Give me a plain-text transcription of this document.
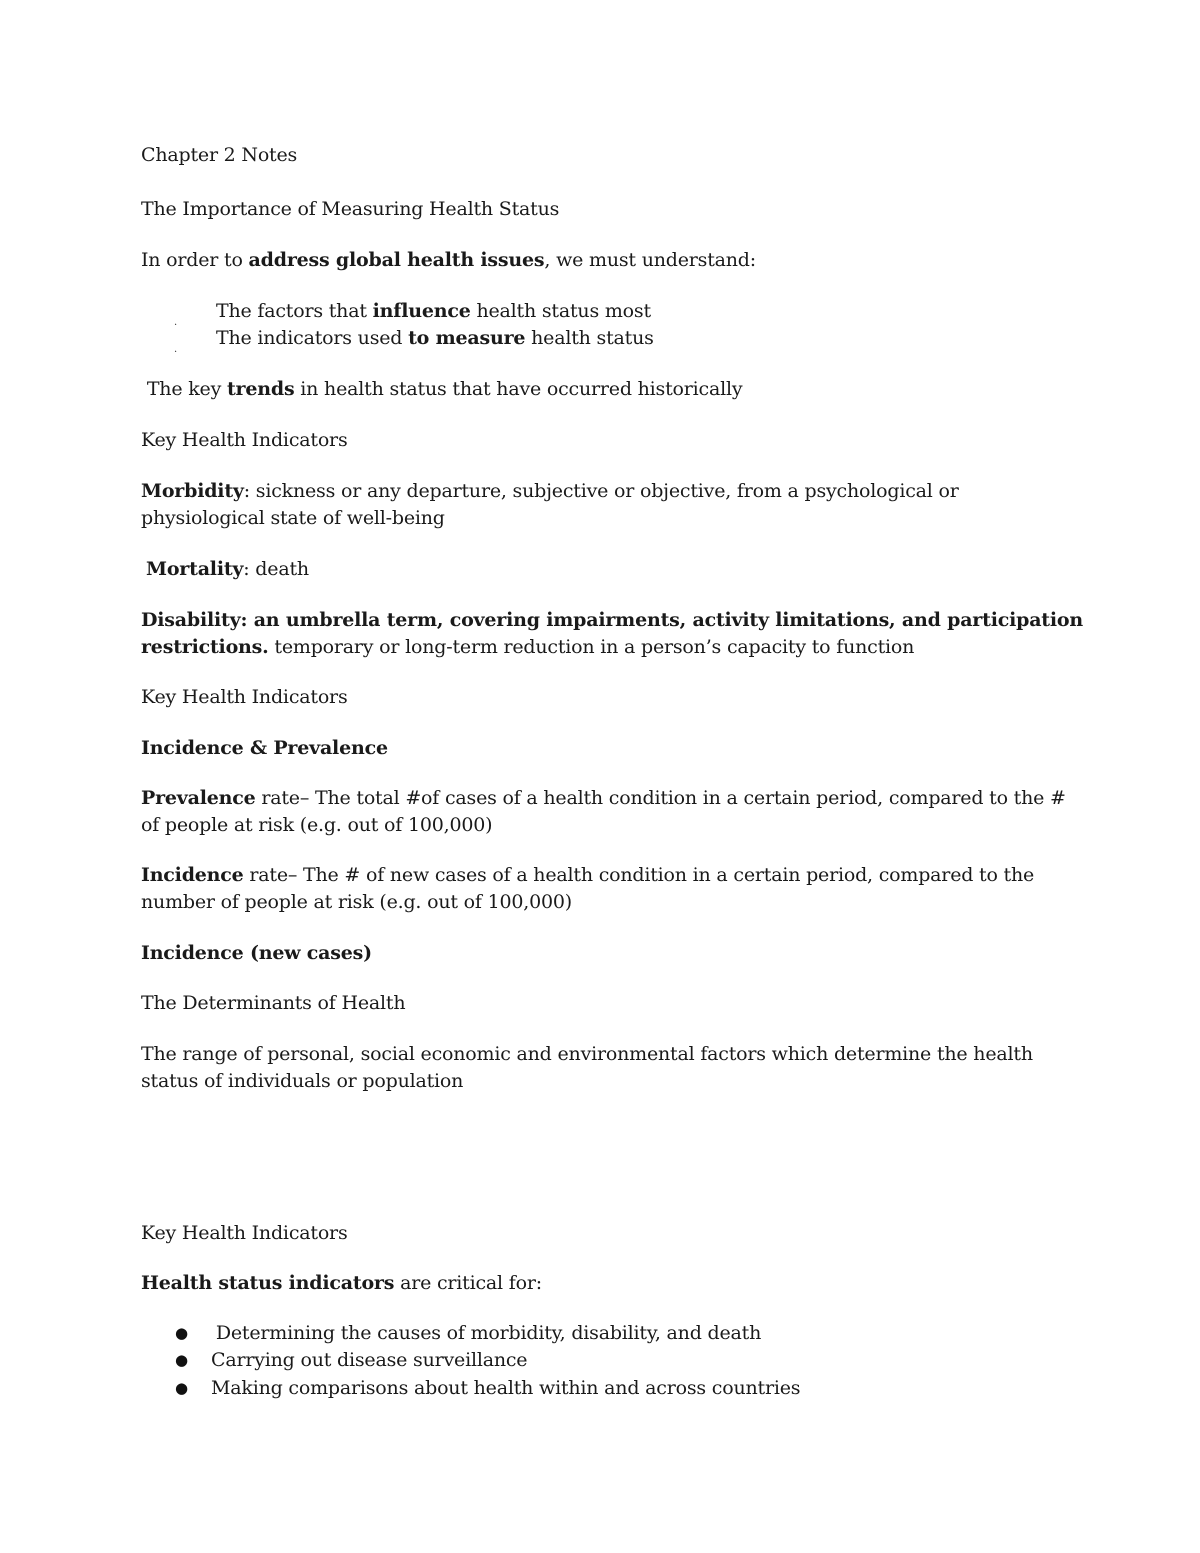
Chapter 2 Notes
The Importance of Measuring Health Status
In order to address global health issues, we must understand:
.
The factors that influence health status most
.
The indicators used to measure health status
The key trends in health status that have occurred historically
Key Health Indicators
Morbidity: sickness or any departure, subjective or objective, from a psychological or
physiological state of well-being
Mortality: death
Disability: an umbrella term, covering impairments, activity limitations, and participation
restrictions. temporary or long-term reduction in a person’s capacity to function
Key Health Indicators
Incidence & Prevalence
Prevalence rate– The total #of cases of a health condition in a certain period, compared to the #
of people at risk (e.g. out of 100,000)
Incidence rate– The # of new cases of a health condition in a certain period, compared to the
number of people at risk (e.g. out of 100,000)
Incidence (new cases)
The Determinants of Health
The range of personal, social economic and environmental factors which determine the health
status of individuals or population
Key Health Indicators
Health status indicators are critical for:
● Determining the causes of morbidity, disability, and death
● Carrying out disease surveillance
● Making comparisons about health within and across countries
